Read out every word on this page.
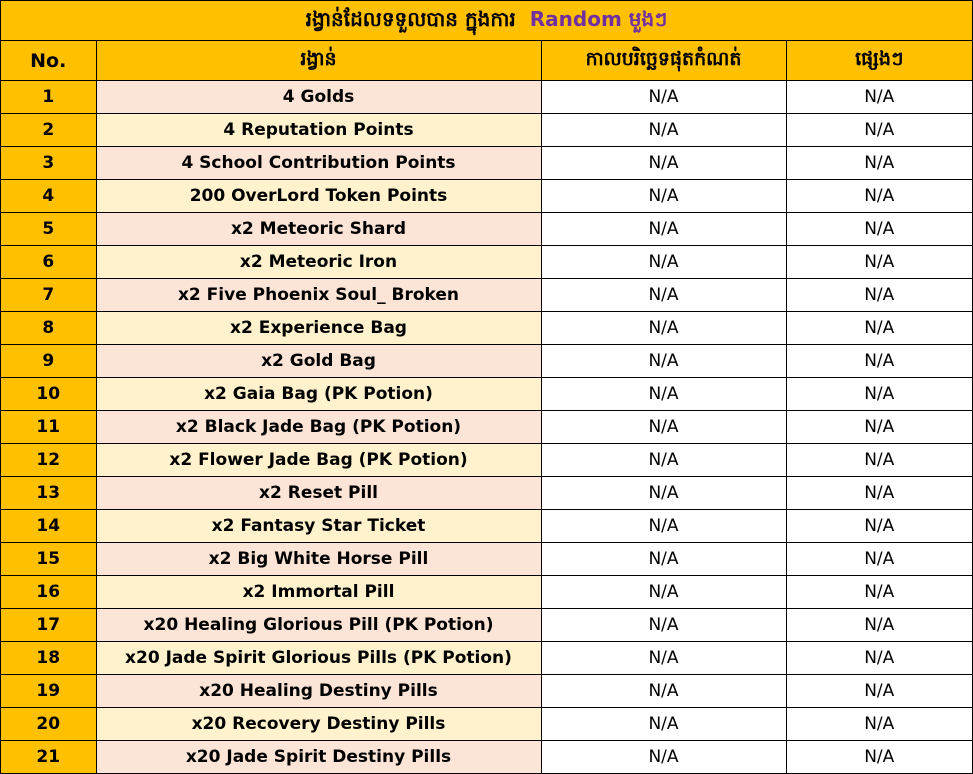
រង្វាន់ដែលទទួលបាន ក្នុងការ Random មួងៗ
No.	រង្វាន់	កាលបរិច្ឆេទផុតកំណត់	ផ្សេងៗ
1	4 Golds	N/A	N/A
2	4 Reputation Points	N/A	N/A
3	4 School Contribution Points	N/A	N/A
4	200 OverLord Token Points	N/A	N/A
5	x2 Meteoric Shard	N/A	N/A
6	x2 Meteoric Iron	N/A	N/A
7	x2 Five Phoenix Soul_ Broken	N/A	N/A
8	x2 Experience Bag	N/A	N/A
9	x2 Gold Bag	N/A	N/A
10	x2 Gaia Bag (PK Potion)	N/A	N/A
11	x2 Black Jade Bag (PK Potion)	N/A	N/A
12	x2 Flower Jade Bag (PK Potion)	N/A	N/A
13	x2 Reset Pill	N/A	N/A
14	x2 Fantasy Star Ticket	N/A	N/A
15	x2 Big White Horse Pill	N/A	N/A
16	x2 Immortal Pill	N/A	N/A
17	x20 Healing Glorious Pill (PK Potion)	N/A	N/A
18	x20 Jade Spirit Glorious Pills (PK Potion)	N/A	N/A
19	x20 Healing Destiny Pills	N/A	N/A
20	x20 Recovery Destiny Pills	N/A	N/A
21	x20 Jade Spirit Destiny Pills	N/A	N/A
